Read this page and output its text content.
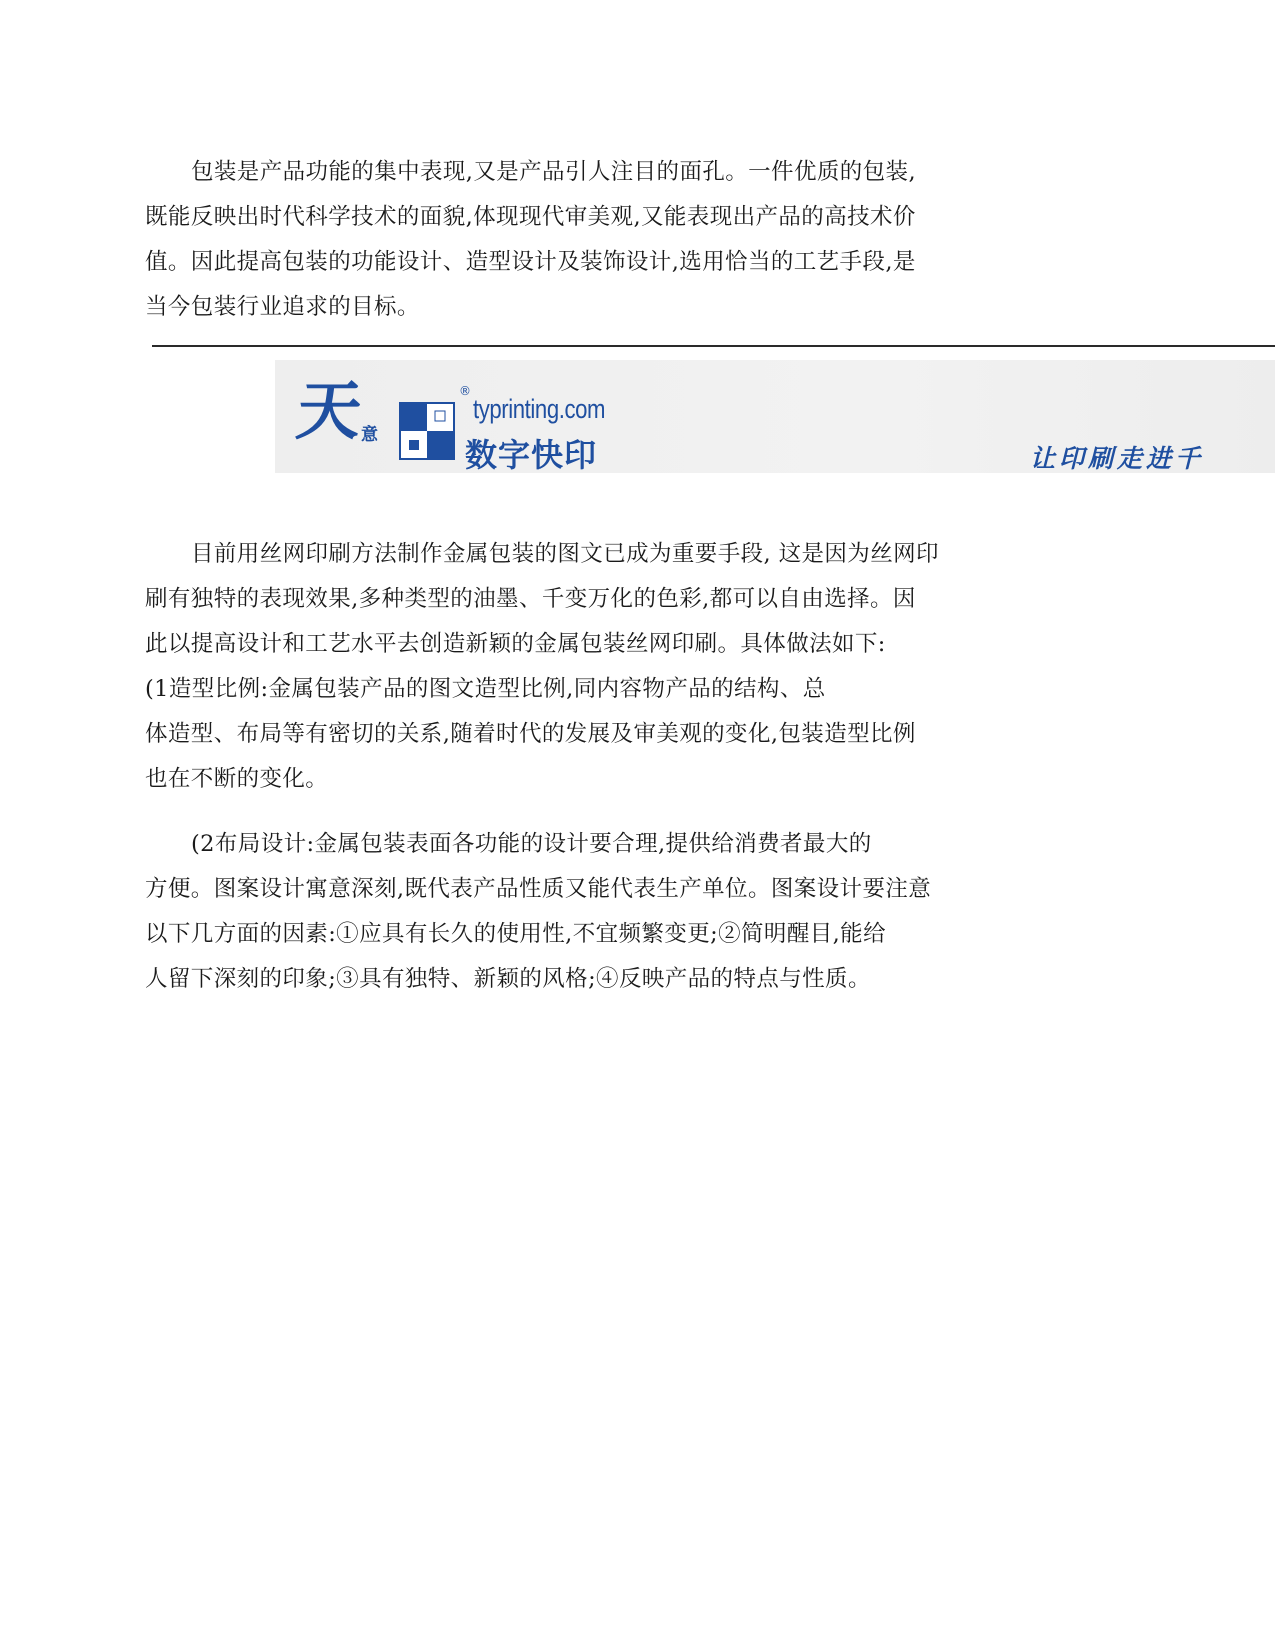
包装是产品功能的集中表现,又是产品引人注目的面孔。一件优质的包装,
既能反映出时代科学技术的面貌,体现现代审美观,又能表现出产品的高技术价
值。因此提高包装的功能设计、造型设计及装饰设计,选用恰当的工艺手段,是
当今包装行业追求的目标。
天
意
®
typrinting.com
数字快印	让印刷走进千
目前用丝网印刷方法制作金属包装的图文已成为重要手段, 这是因为丝网印
刷有独特的表现效果,多种类型的油墨、千变万化的色彩,都可以自由选择。因
此以提高设计和工艺水平去创造新颖的金属包装丝网印刷。具体做法如下:
(1造型比例:金属包装产品的图文造型比例,同内容物产品的结构、总
体造型、布局等有密切的关系,随着时代的发展及审美观的变化,包装造型比例
也在不断的变化。
(2布局设计:金属包装表面各功能的设计要合理,提供给消费者最大的
方便。图案设计寓意深刻,既代表产品性质又能代表生产单位。图案设计要注意
以下几方面的因素:①应具有长久的使用性,不宜频繁变更;②简明醒目,能给
人留下深刻的印象;③具有独特、新颖的风格;④反映产品的特点与性质。
